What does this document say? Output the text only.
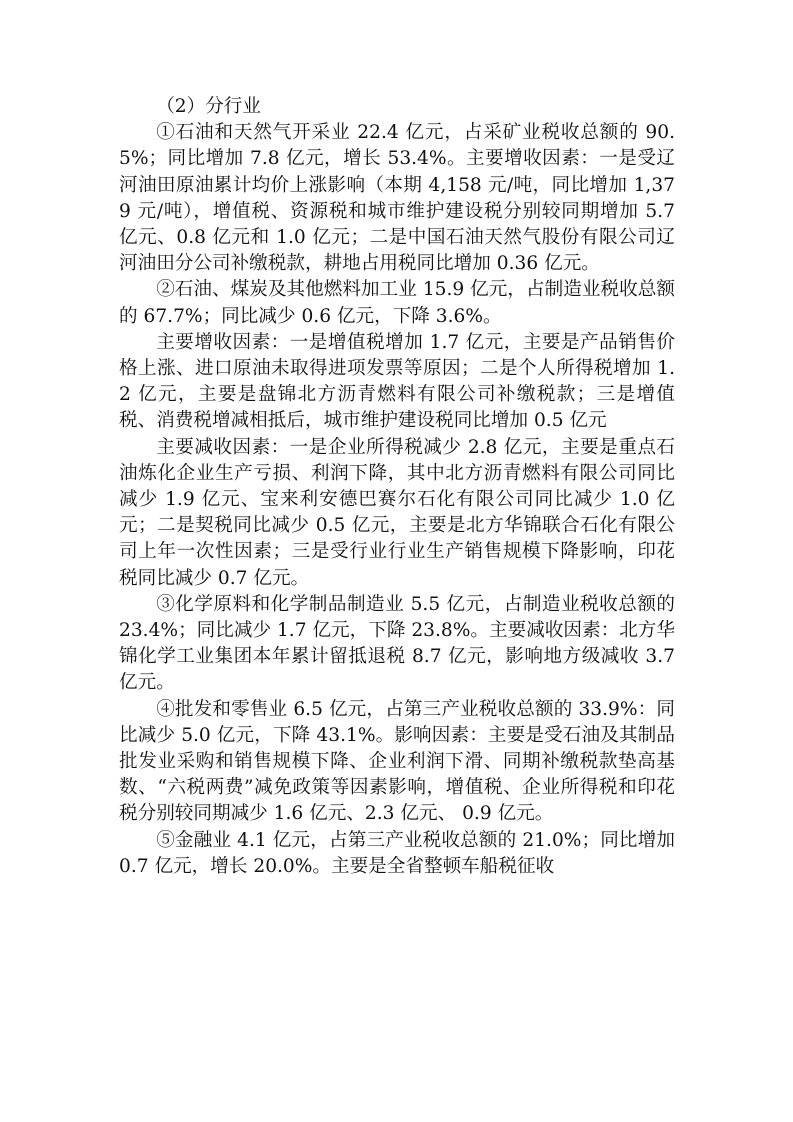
（2）分行业

①石油和天然气开采业 22.4 亿元，占采矿业税收总额的 90.5%；同比增加 7.8 亿元，增长 53.4%。主要增收因素：一是受辽河油田原油累计均价上涨影响（本期 4,158 元/吨，同比增加 1,379 元/吨），增值税、资源税和城市维护建设税分别较同期增加 5.7 亿元、0.8 亿元和 1.0 亿元；二是中国石油天然气股份有限公司辽河油田分公司补缴税款，耕地占用税同比增加 0.36 亿元。

②石油、煤炭及其他燃料加工业 15.9 亿元，占制造业税收总额的 67.7%；同比减少 0.6 亿元，下降 3.6%。

主要增收因素：一是增值税增加 1.7 亿元，主要是产品销售价格上涨、进口原油未取得进项发票等原因；二是个人所得税增加 1.2 亿元，主要是盘锦北方沥青燃料有限公司补缴税款；三是增值税、消费税增减相抵后，城市维护建设税同比增加 0.5 亿元

主要减收因素：一是企业所得税减少 2.8 亿元，主要是重点石油炼化企业生产亏损、利润下降，其中北方沥青燃料有限公司同比减少 1.9 亿元、宝来利安德巴赛尔石化有限公司同比减少 1.0 亿元；二是契税同比减少 0.5 亿元，主要是北方华锦联合石化有限公司上年一次性因素；三是受行业行业生产销售规模下降影响，印花税同比减少 0.7 亿元。

③化学原料和化学制品制造业 5.5 亿元，占制造业税收总额的 23.4%；同比减少 1.7 亿元，下降 23.8%。主要减收因素：北方华锦化学工业集团本年累计留抵退税 8.7 亿元，影响地方级减收 3.7 亿元。

④批发和零售业 6.5 亿元，占第三产业税收总额的 33.9%：同比减少 5.0 亿元，下降 43.1%。影响因素：主要是受石油及其制品批发业采购和销售规模下降、企业利润下滑、同期补缴税款垫高基数、“六税两费”减免政策等因素影响，增值税、企业所得税和印花税分别较同期减少 1.6 亿元、2.3 亿元、 0.9 亿元。

⑤金融业 4.1 亿元，占第三产业税收总额的 21.0%；同比增加 0.7 亿元，增长 20.0%。主要是全省整顿车船税征收
